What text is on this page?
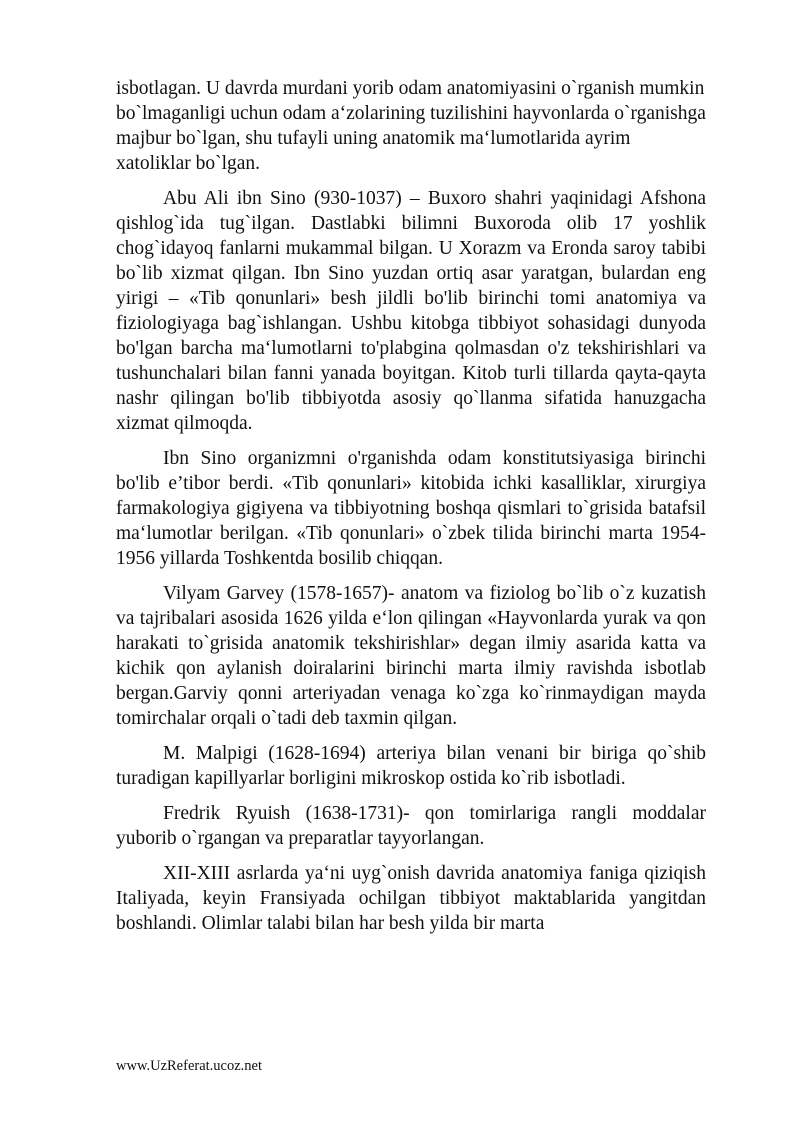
isbotlagan. U davrda murdani yorib odam anatomiyasini o`rganish mumkin bo`lmaganligi uchun odam a‘zolarining tuzilishini hayvonlarda o`rganishga majbur bo`lgan, shu tufayli uning anatomik ma‘lumotlarida ayrim xatoliklar bo`lgan.

Abu Ali ibn Sino (930-1037) – Buxoro shahri yaqinidagi Afshona qishlog`ida tug`ilgan. Dastlabki bilimni Buxoroda olib 17 yoshlik chog`idayoq fanlarni mukammal bilgan. U Xorazm va Eronda saroy tabibi bo`lib xizmat qilgan. Ibn Sino yuzdan ortiq asar yaratgan, bulardan eng yirigi – «Tib qonunlari» besh jildli bo'lib birinchi tomi anatomiya va fiziologiyaga bag`ishlangan. Ushbu kitobga tibbiyot sohasidagi dunyoda bo'lgan barcha ma‘lumotlarni to'plabgina qolmasdan o'z tekshirishlari va tushunchalari bilan fanni yanada boyitgan. Kitob turli tillarda qayta-qayta nashr qilingan bo'lib tibbiyotda asosiy qo`llanma sifatida hanuzgacha xizmat qilmoqda.

Ibn Sino organizmni o'rganishda odam konstitutsiyasiga birinchi bo'lib e’tibor berdi. «Tib qonunlari» kitobida ichki kasalliklar, xirurgiya farmakologiya gigiyena va tibbiyotning boshqa qismlari to`grisida batafsil ma‘lumotlar berilgan. «Tib qonunlari» o`zbek tilida birinchi marta 1954-1956 yillarda Toshkentda bosilib chiqqan.

Vilyam Garvey (1578-1657)- anatom va fiziolog bo`lib o`z kuzatish va tajribalari asosida 1626 yilda e‘lon qilingan «Hayvonlarda yurak va qon harakati to`grisida anatomik tekshirishlar» degan ilmiy asarida katta va kichik qon aylanish doiralarini birinchi marta ilmiy ravishda isbotlab bergan.Garviy qonni arteriyadan venaga ko`zga ko`rinmaydigan mayda tomirchalar orqali o`tadi deb taxmin qilgan.

M. Malpigi (1628-1694) arteriya bilan venani bir biriga qo`shib turadigan kapillyarlar borligini mikroskop ostida ko`rib isbotladi.

Fredrik Ryuish (1638-1731)- qon tomirlariga rangli moddalar yuborib o`rgangan va preparatlar tayyorlangan.

XII-XIII asrlarda ya‘ni uyg`onish davrida anatomiya faniga qiziqish Italiyada, keyin Fransiyada ochilgan tibbiyot maktablarida yangitdan boshlandi. Olimlar talabi bilan har besh yilda bir marta

www.UzReferat.ucoz.net
